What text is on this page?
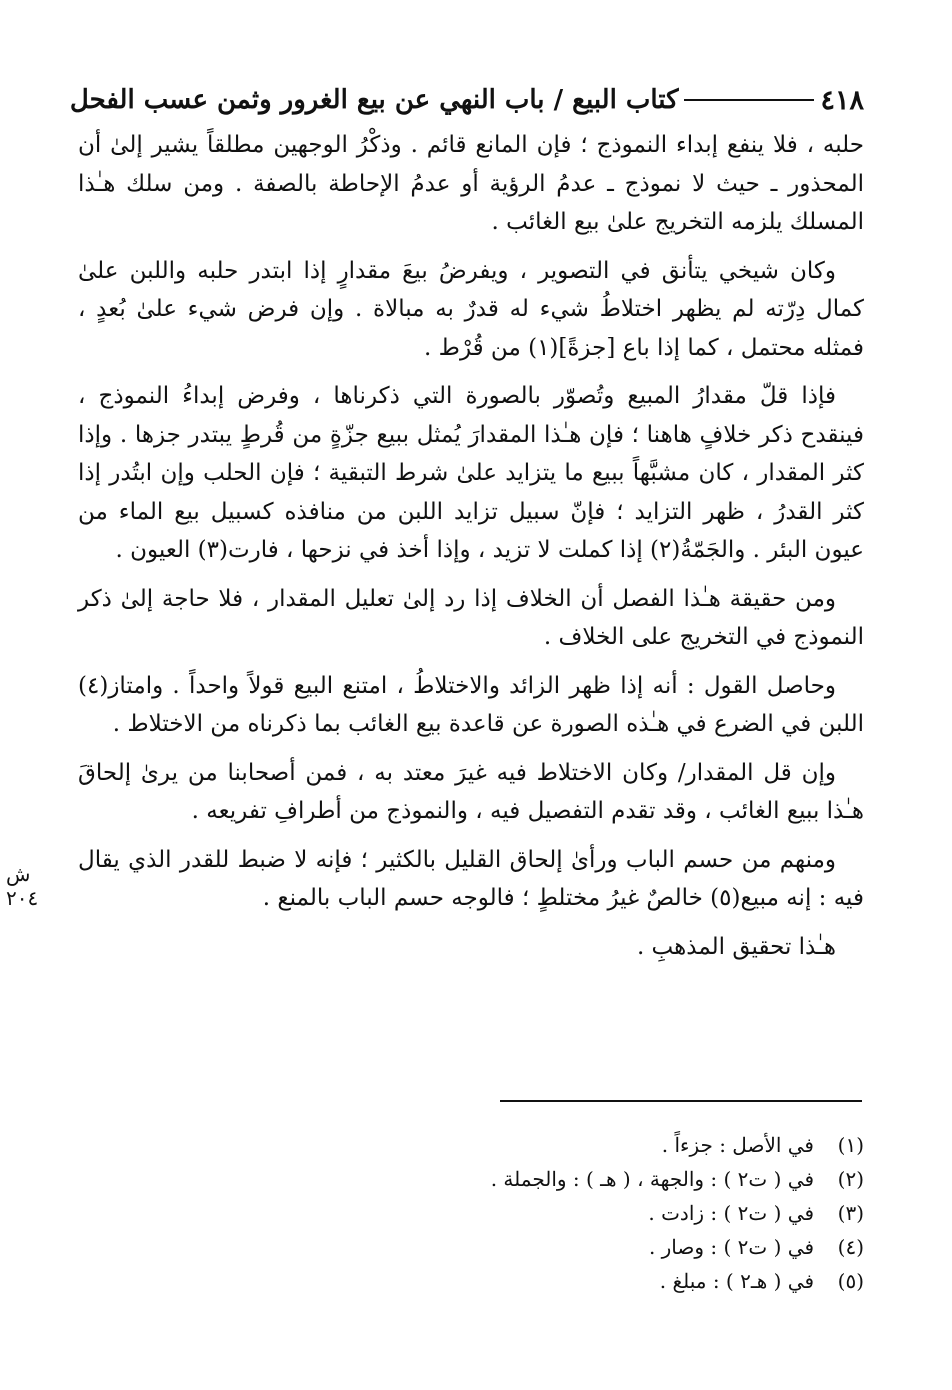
٤١٨
كتاب البيع / باب النهي عن بيع الغرور وثمن عسب الفحل
ش ٢٠٤

حلبه ، فلا ينفع إبداء النموذج ؛ فإن المانع قائم . وذكْرُ الوجهين مطلقاً يشير إلىٰ أن المحذور ـ حيث لا نموذج ـ عدمُ الرؤية أو عدمُ الإحاطة بالصفة . ومن سلك هـٰذا المسلك يلزمه التخريج علىٰ بيع الغائب .

وكان شيخي يتأنق في التصوير ، ويفرضُ بيعَ مقدارٍ إذا ابتدر حلبه واللبن علىٰ كمال دِرّته لم يظهر اختلاطُ شيء له قدرٌ به مبالاة . وإن فرض شيء علىٰ بُعدٍ ، فمثله محتمل ، كما إذا باع [جزةً](١) من قُرْط .

فإذا قلّ مقدارُ المبيع وتُصوّر بالصورة التي ذكرناها ، وفرض إبداءُ النموذج ، فينقدح ذكر خلافٍ هاهنا ؛ فإن هـٰذا المقدارَ يُمثل ببيع جزّةٍ من قُرطٍ يبتدر جزها . وإذا كثر المقدار ، كان مشبَّهاً ببيع ما يتزايد علىٰ شرط التبقية ؛ فإن الحلب وإن ابتُدر إذا كثر القدرُ ، ظهر التزايد ؛ فإنّ سبيل تزايد اللبن من منافذه كسبيل بيع الماء من عيون البئر . والجَمّةُ(٢) إذا كملت لا تزيد ، وإذا أخذ في نزحها ، فارت(٣) العيون .

ومن حقيقة هـٰذا الفصل أن الخلاف إذا رد إلىٰ تعليل المقدار ، فلا حاجة إلىٰ ذكر النموذج في التخريج على الخلاف .

وحاصل القول : أنه إذا ظهر الزائد والاختلاطُ ، امتنع البيع قولاً واحداً . وامتاز(٤) اللبن في الضرع في هـٰذه الصورة عن قاعدة بيع الغائب بما ذكرناه من الاختلاط .

وإن قل المقدار/ وكان الاختلاط فيه غيرَ معتد به ، فمن أصحابنا من يرىٰ إلحاقَ هـٰذا ببيع الغائب ، وقد تقدم التفصيل فيه ، والنموذج من أطرافِ تفريعه .

ومنهم من حسم الباب ورأىٰ إلحاق القليل بالكثير ؛ فإنه لا ضبط للقدر الذي يقال فيه : إنه مبيع(٥) خالصٌ غيرُ مختلطٍ ؛ فالوجه حسم الباب بالمنع .

هـٰذا تحقيق المذهبِ .

(١)
في الأصل : جزءاً .
(٢)
في ( ت٢ ) : والجهة ، ( هـ ) : والجملة .
(٣)
في ( ت٢ ) : زادت .
(٤)
في ( ت٢ ) : وصار .
(٥)
في ( هـ٢ ) : مبلغ .
